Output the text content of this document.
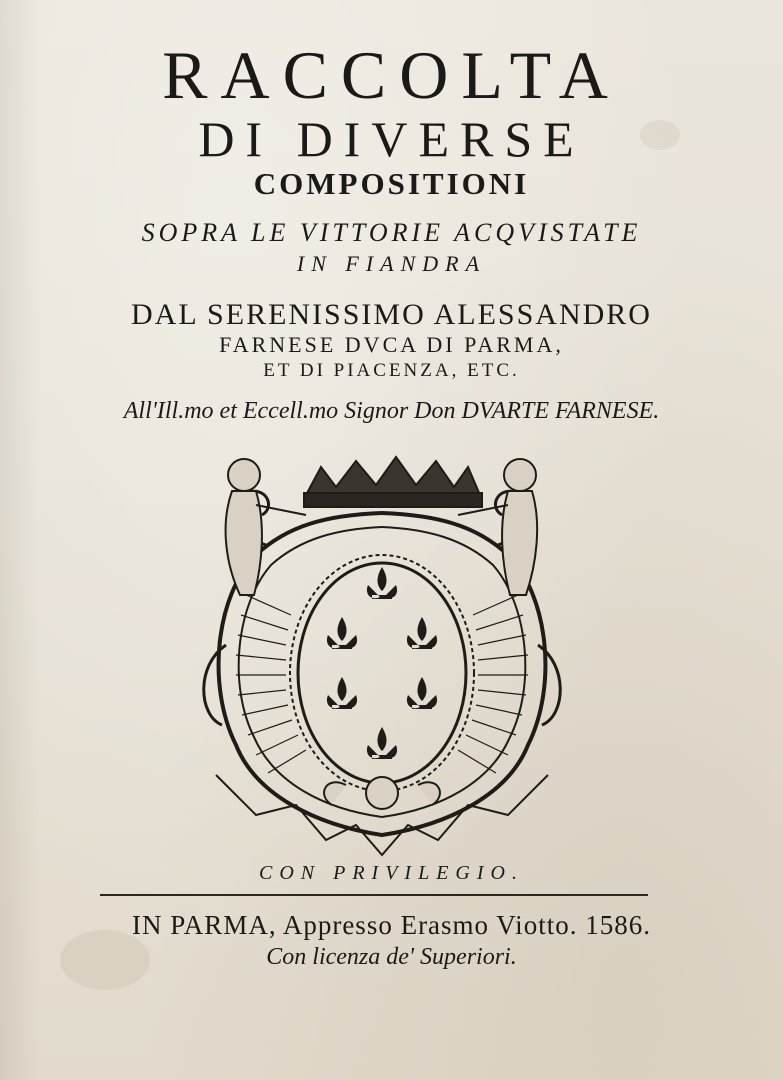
RACCOLTA
DI DIVERSE
COMPOSITIONI
SOPRA LE VITTORIE ACQVISTATE
IN FIANDRA
DAL SERENISSIMO ALESSANDRO
FARNESE DVCA DI PARMA,
ET DI PIACENZA, ETC.
All'Ill.mo et Eccell.mo Signor Don DVARTE FARNESE.
CON PRIVILEGIO.
IN PARMA, Appresso Erasmo Viotto. 1586.
Con licenza de' Superiori.
